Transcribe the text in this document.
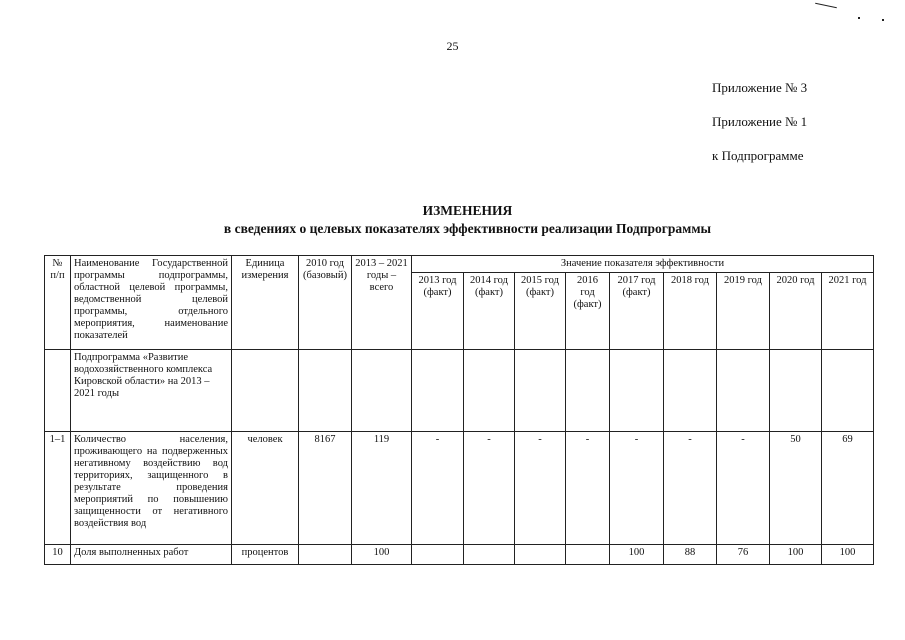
25
Приложение № 3
Приложение № 1
к Подпрограмме
ИЗМЕНЕНИЯ
в сведениях о целевых показателях эффективности реализации Подпрограммы
№ п/п	Наименование Государственной программы подпрограммы, областной целевой программы, ведомственной целевой программы, отдельного мероприятия, наименование показателей	Единица измерения	2010 год (базовый)	2013 – 2021 годы – всего	Значение показателя эффективности								
					2013 год (факт)	2014 год (факт)	2015 год (факт)	2016 год (факт)	2017 год (факт)	2018 год	2019 год	2020 год	2021 год
	Подпрограмма «Развитие водохозяйственного комплекса Кировской области» на 2013 – 2021 годы												
1–1	Количество населения, проживающего на подверженных негативному воздействию вод территориях, защищенного в результате проведения мероприятий по повышению защищенности от негативного воздействия вод	человек	8167	119	-	-	-	-	-	-	-	50	69
10	Доля выполненных работ	процентов		100					100	88	76	100	100
